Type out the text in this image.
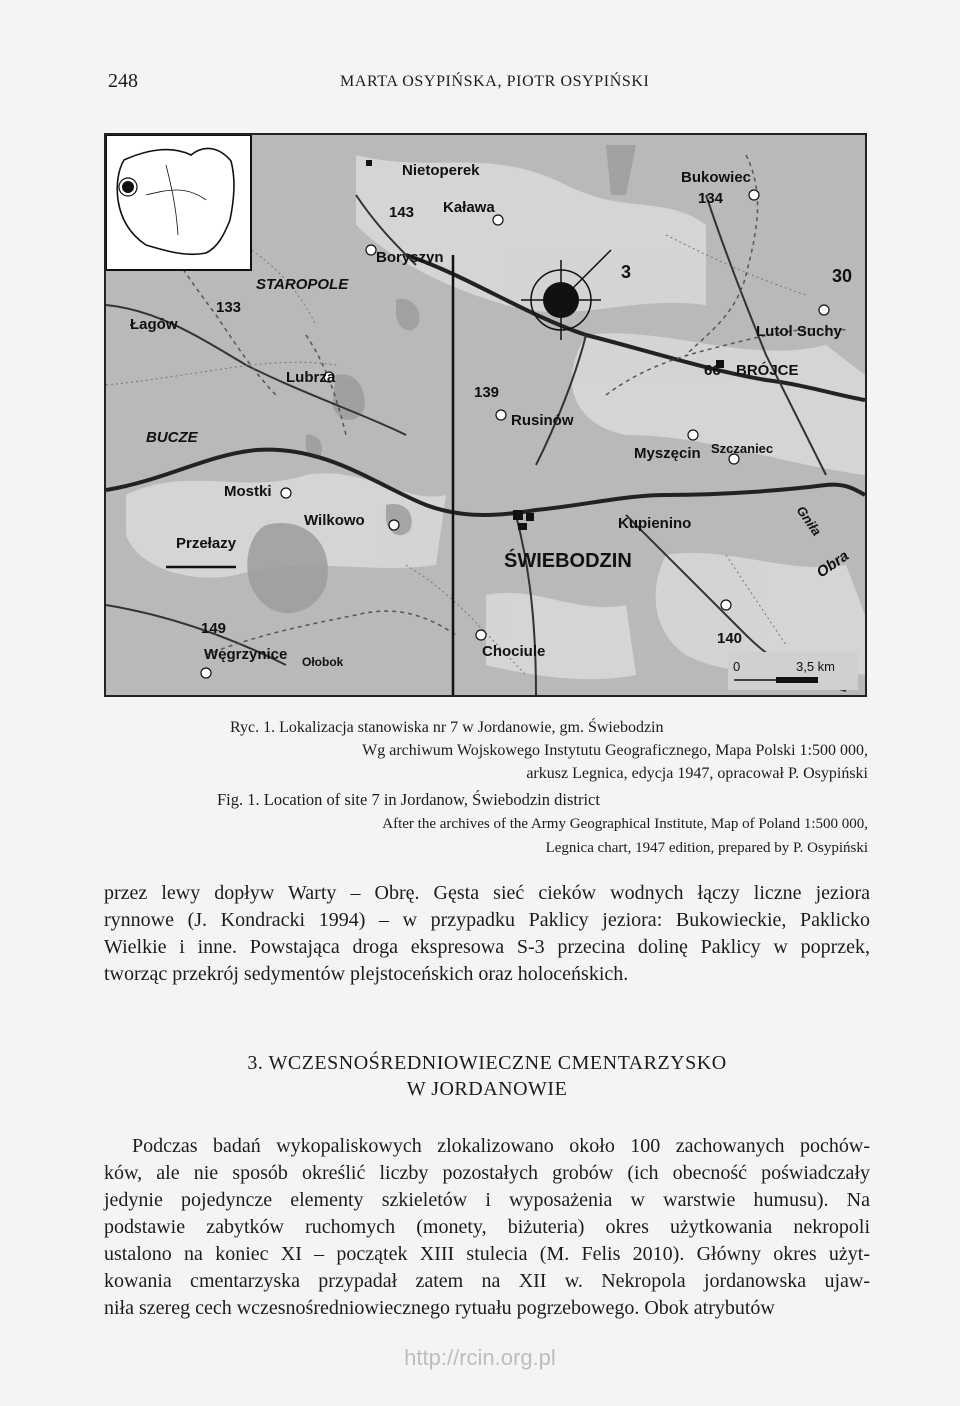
248	MARTA OSYPIŃSKA, PIOTR OSYPIŃSKI
Nietoperek
143 Kaława
Boryszyn
STAROPOLE
133
Łagów
Bukowiec
134
3	30
Lutol Suchy
66 BRÓJCE
Lubrza
139
Rusinów
BUCZE
Myszęcin Szczaniec
Mostki
Wilkowo	Kupienino
Przełazy
ŚWIEBODZIN	Obra
Gniła
149
140
Węgrzynice Ołobok
Chociule
0	3,5 km
Ryc. 1. Lokalizacja stanowiska nr 7 w Jordanowie, gm. Świebodzin
Wg archiwum Wojskowego Instytutu Geograficznego, Mapa Polski 1:500 000,
arkusz Legnica, edycja 1947, opracował P. Osypiński
Fig. 1. Location of site 7 in Jordanow, Świebodzin district
After the archives of the Army Geographical Institute, Map of Poland 1:500 000,
Legnica chart, 1947 edition, prepared by P. Osypiński
przez lewy dopływ Warty – Obrę. Gęsta sieć cieków wodnych łączy liczne jeziora
rynnowe (J. Kondracki 1994) – w przypadku Paklicy jeziora: Bukowieckie, Paklicko
Wielkie i inne. Powstająca droga ekspresowa S-3 przecina dolinę Paklicy w poprzek,
tworząc przekrój sedymentów plejstoceńskich oraz holoceńskich.
3. WCZESNOŚREDNIOWIECZNE CMENTARZYSKO
W JORDANOWIE
Podczas badań wykopaliskowych zlokalizowano około 100 zachowanych pochów-
ków, ale nie sposób określić liczby pozostałych grobów (ich obecność poświadczały
jedynie pojedyncze elementy szkieletów i wyposażenia w warstwie humusu). Na
podstawie zabytków ruchomych (monety, biżuteria) okres użytkowania nekropoli
ustalono na koniec XI – początek XIII stulecia (M. Felis 2010). Główny okres użyt-
kowania cmentarzyska przypadał zatem na XII w. Nekropola jordanowska ujaw-
niła szereg cech wczesnośredniowiecznego rytuału pogrzebowego. Obok atrybutów
http://rcin.org.pl
